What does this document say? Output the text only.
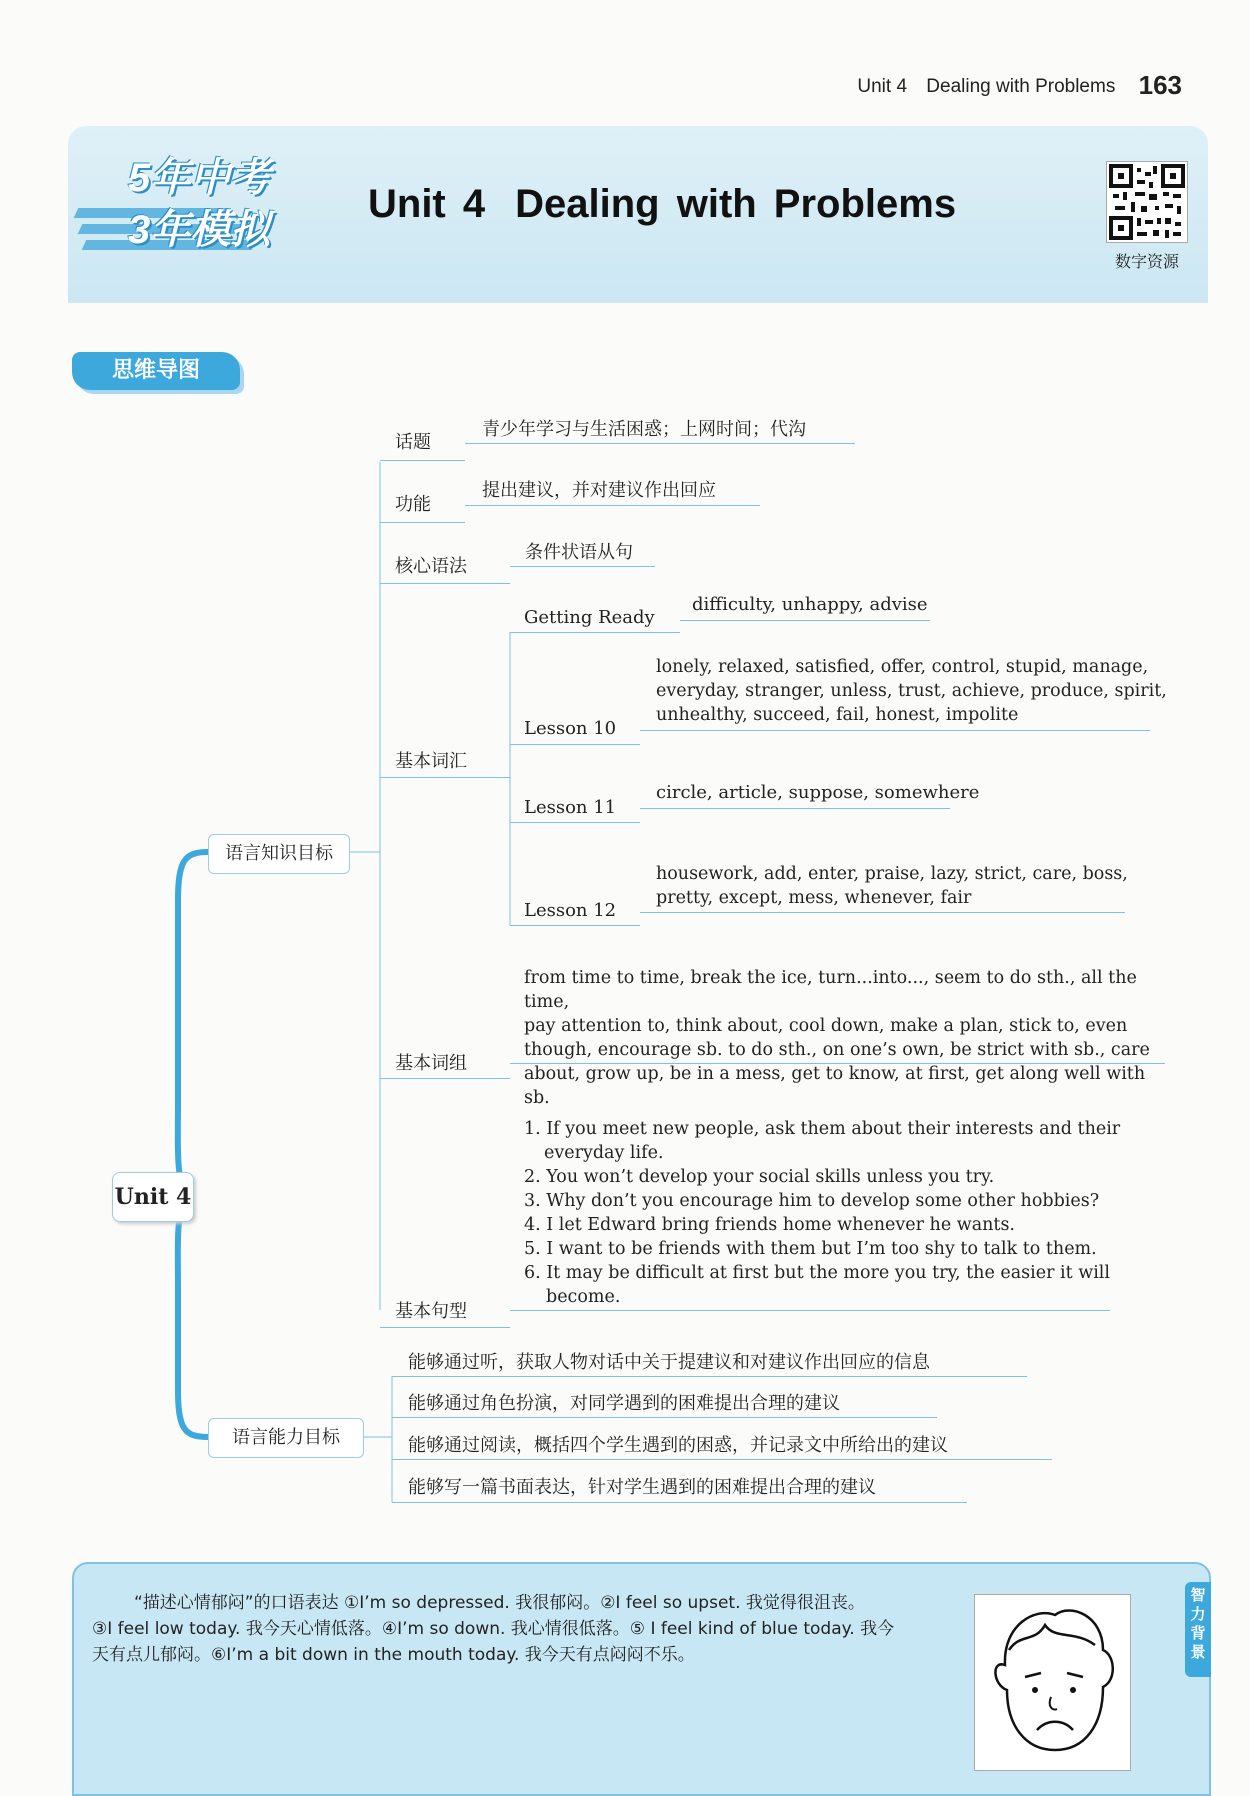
Unit 4 Dealing with Problems 163
5年中考
3年模拟
Unit 4 Dealing with Problems
数字资源
思维导图
Unit 4
语言知识目标
语言能力目标
话题
青少年学习与生活困惑；上网时间；代沟
功能
提出建议，并对建议作出回应
核心语法
条件状语从句
基本词汇
Getting Ready
difficulty, unhappy, advise
Lesson 10
lonely, relaxed, satisfied, offer, control, stupid, manage,
everyday, stranger, unless, trust, achieve, produce, spirit,
unhealthy, succeed, fail, honest, impolite
Lesson 11
circle, article, suppose, somewhere
Lesson 12
housework, add, enter, praise, lazy, strict, care, boss,
pretty, except, mess, whenever, fair
基本词组
from time to time, break the ice, turn...into..., seem to do sth., all the time,
pay attention to, think about, cool down, make a plan, stick to, even
though, encourage sb. to do sth., on one’s own, be strict with sb., care
about, grow up, be in a mess, get to know, at first, get along well with sb.
基本句型
1. If you meet new people, ask them about their interests and their
everyday life.
2. You won’t develop your social skills unless you try.
3. Why don’t you encourage him to develop some other hobbies?
4. I let Edward bring friends home whenever he wants.
5. I want to be friends with them but I’m too shy to talk to them.
6. It may be difficult at first but the more you try, the easier it will
become.
能够通过听，获取人物对话中关于提建议和对建议作出回应的信息
能够通过角色扮演，对同学遇到的困难提出合理的建议
能够通过阅读，概括四个学生遇到的困惑，并记录文中所给出的建议
能够写一篇书面表达，针对学生遇到的困难提出合理的建议
“描述心情郁闷”的口语表达 ①I’m so depressed. 我很郁闷。②I feel so upset. 我觉得很沮丧。
③I feel low today. 我今天心情低落。④I’m so down. 我心情很低落。⑤ I feel kind of blue today. 我今
天有点儿郁闷。⑥I’m a bit down in the mouth today. 我今天有点闷闷不乐。
智力
背景
